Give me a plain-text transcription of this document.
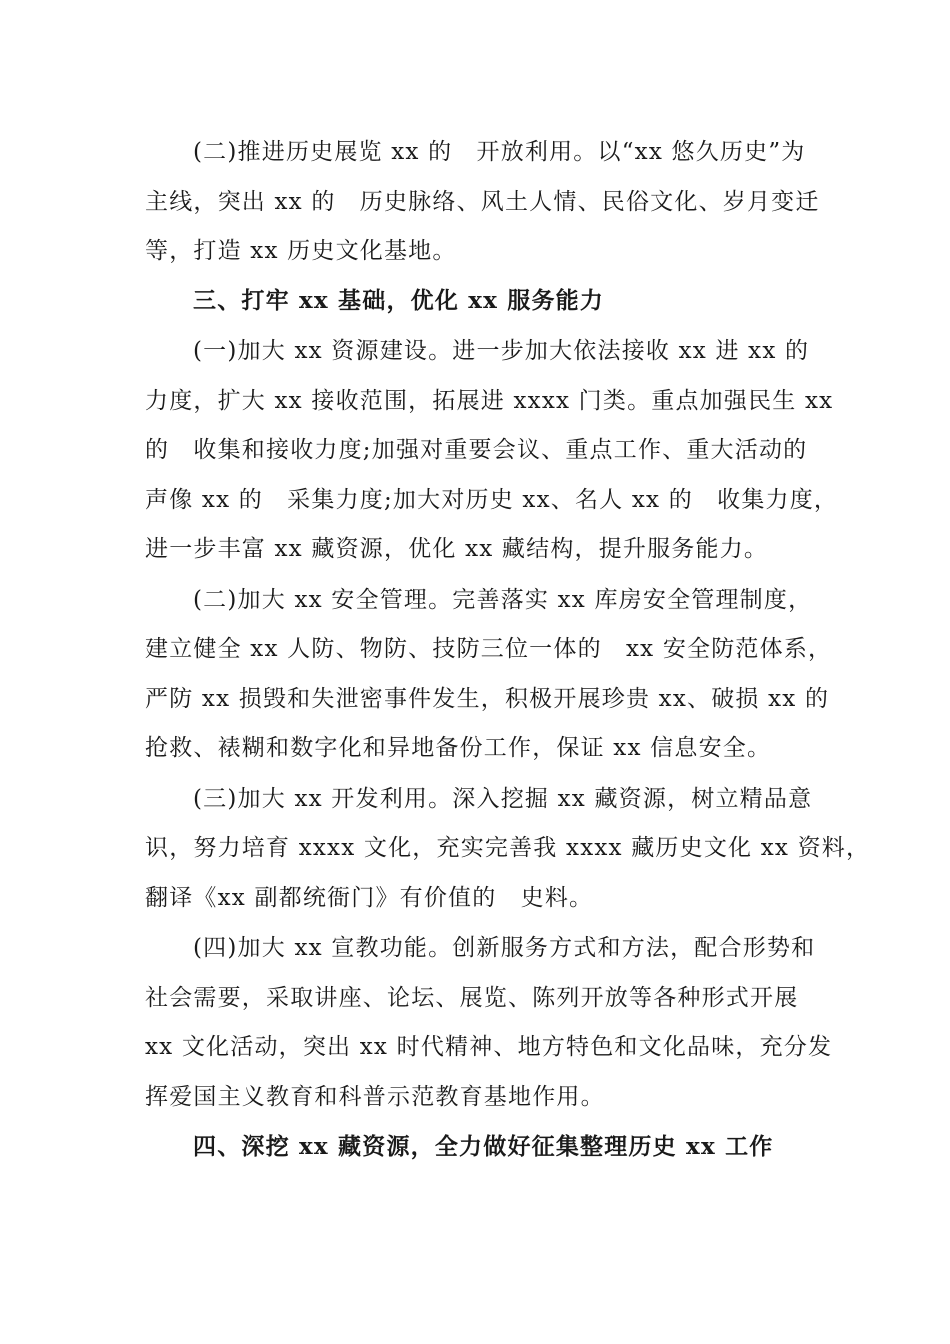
(二)推进历史展览 xx 的　开放利用。以“xx 悠久历史”为
主线，突出 xx 的　历史脉络、风土人情、民俗文化、岁月变迁
等，打造 xx 历史文化基地。
三、打牢 xx 基础，优化 xx 服务能力
(一)加大 xx 资源建设。进一步加大依法接收 xx 进 xx 的
力度，扩大 xx 接收范围，拓展进 xxxx 门类。重点加强民生 xx
的　收集和接收力度;加强对重要会议、重点工作、重大活动的
声像 xx 的　采集力度;加大对历史 xx、名人 xx 的　收集力度，
进一步丰富 xx 藏资源，优化 xx 藏结构，提升服务能力。
(二)加大 xx 安全管理。完善落实 xx 库房安全管理制度，
建立健全 xx 人防、物防、技防三位一体的　xx 安全防范体系，
严防 xx 损毁和失泄密事件发生，积极开展珍贵 xx、破损 xx 的
抢救、裱糊和数字化和异地备份工作，保证 xx 信息安全。
(三)加大 xx 开发利用。深入挖掘 xx 藏资源，树立精品意
识，努力培育 xxxx 文化，充实完善我 xxxx 藏历史文化 xx 资料，
翻译《xx 副都统衙门》有价值的　史料。
(四)加大 xx 宣教功能。创新服务方式和方法，配合形势和
社会需要，采取讲座、论坛、展览、陈列开放等各种形式开展
xx 文化活动，突出 xx 时代精神、地方特色和文化品味，充分发
挥爱国主义教育和科普示范教育基地作用。
四、深挖 xx 藏资源，全力做好征集整理历史 xx 工作
